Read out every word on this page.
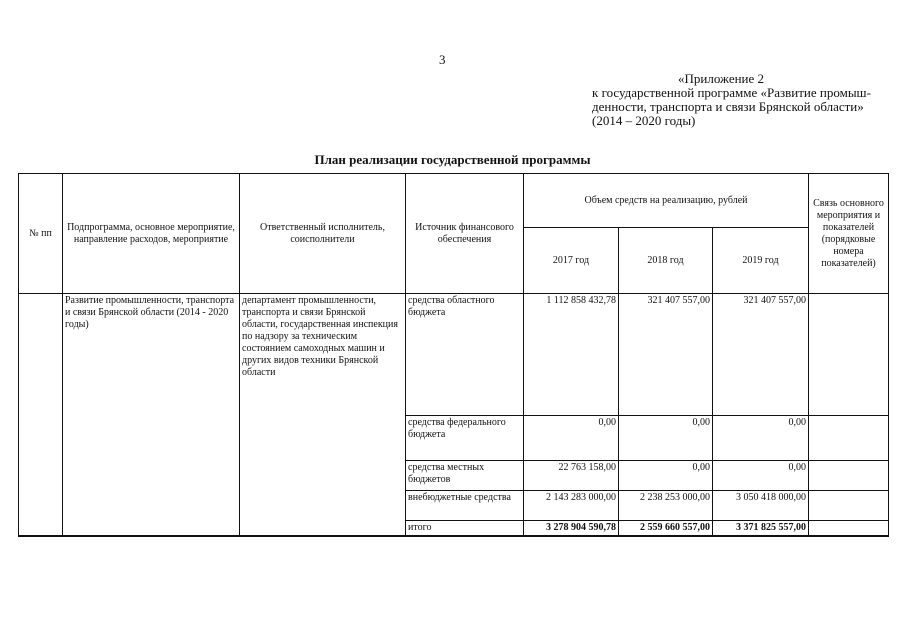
3
«Приложение 2
к государственной программе «Развитие промыш-
денности, транспорта и связи Брянской области»
(2014 – 2020 годы)
План реализации государственной программы
№ пп	Подпрограмма, основное мероприятие, направление расходов, мероприятие	Ответственный исполнитель, соисполнители	Источник финансового обеспечения	Объем средств на реализацию, рублей			Связь основного мероприятия и показателей (порядковые номера показателей)
				2017 год	2018 год	2019 год	
	Развитие промышленности, транспорта и связи Брянской области (2014 - 2020 годы)	департамент промышленности, транспорта и связи Брянской области, государственная инспекция по надзору за техническим состоянием самоходных машин и других видов техники Брянской области	средства областного бюджета	1 112 858 432,78	321 407 557,00	321 407 557,00	
			средства федерального бюджета	0,00	0,00	0,00	
			средства местных бюджетов	22 763 158,00	0,00	0,00	
			внебюджетные средства	2 143 283 000,00	2 238 253 000,00	3 050 418 000,00	
			итого	3 278 904 590,78	2 559 660 557,00	3 371 825 557,00	
